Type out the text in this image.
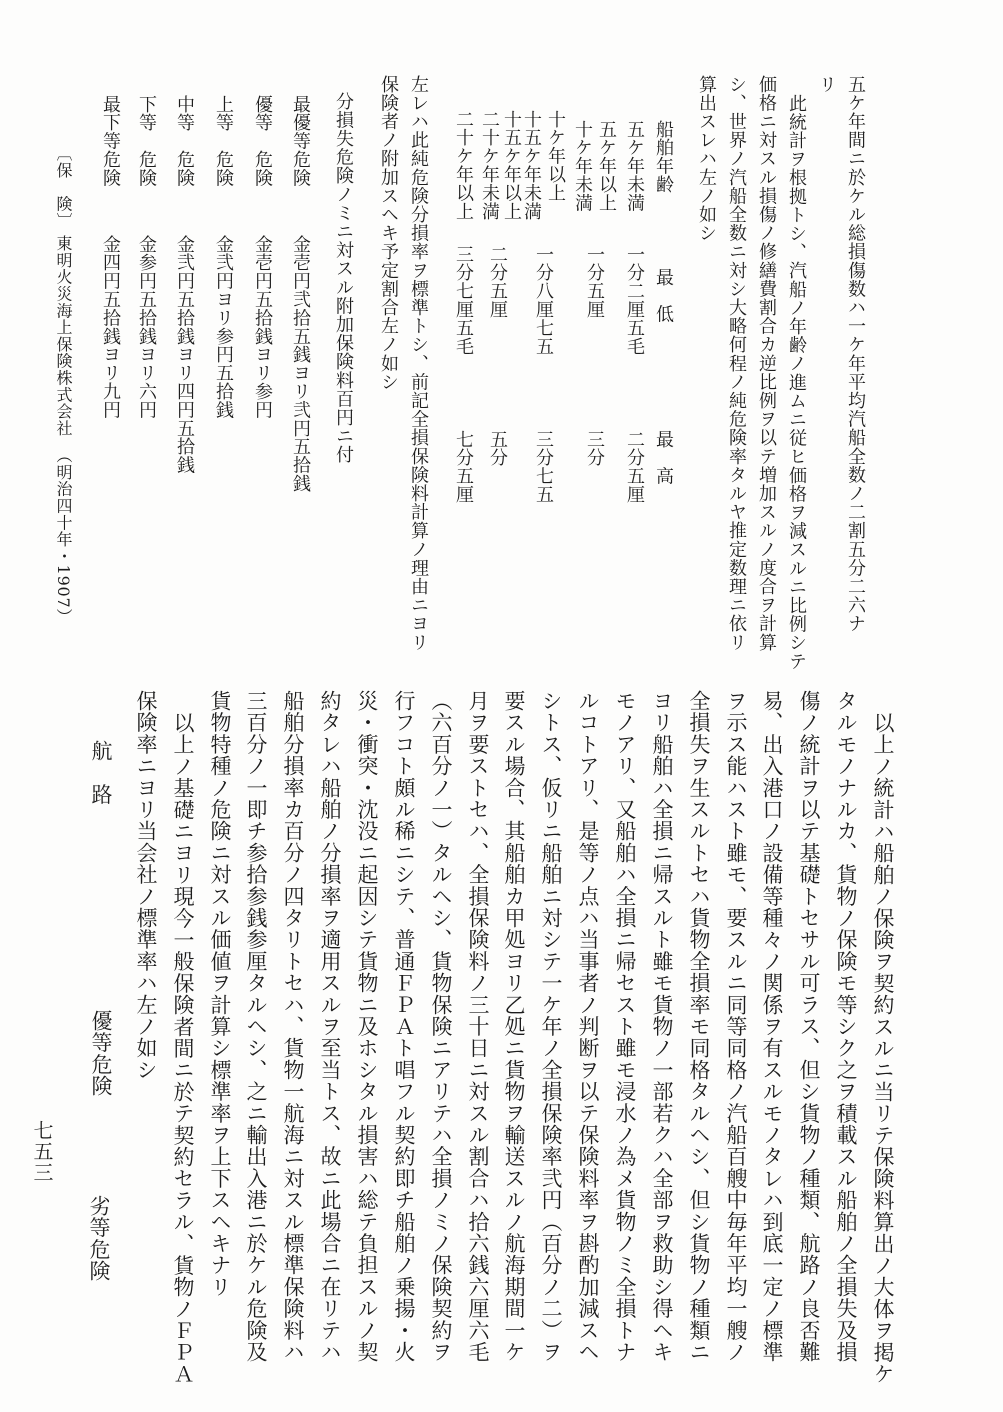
五ケ年間ニ於ケル総損傷数ハ一ケ年平均汽船全数ノ二割五分二六ナ
リ
此統計ヲ根拠トシ、汽船ノ年齢ノ進ムニ従ヒ価格ヲ減スルニ比例シテ
価格ニ対スル損傷ノ修繕費割合カ逆比例ヲ以テ増加スルノ度合ヲ計算
シ、世界ノ汽船全数ニ対シ大略何程ノ純危険率タルヤ推定数理ニ依リ
算出スレハ左ノ如シ
船舶年齢
最　低
最　高
五ケ年未満
一分二厘五毛
二分五厘
五ケ年以上
十ケ年未満
一分五厘
三分
十ケ年以上
十五ケ年未満
一分八厘七五
三分七五
十五ケ年以上
二十ケ年未満
二分五厘
五分
二十ケ年以上
三分七厘五毛
七分五厘
左レハ此純危険分損率ヲ標準トシ、前記全損保険料計算ノ理由ニヨリ
保険者ノ附加スヘキ予定割合左ノ如シ
分損失危険ノミニ対スル附加保険料百円ニ付
最優等危険
金壱円弐拾五銭ヨリ弐円五拾銭
優等　危険
金壱円五拾銭ヨリ参円
上等　危険
金弐円ヨリ参円五拾銭
中等　危険
金弐円五拾銭ヨリ四円五拾銭
下等　危険
金参円五拾銭ヨリ六円
最下等危険
金四円五拾銭ヨリ九円
〔保　険〕
東明火災海上保険株式会社
（明治四十年・1907）
以上ノ統計ハ船舶ノ保険ヲ契約スルニ当リテ保険料算出ノ大体ヲ掲ケ
タルモノナルカ、貨物ノ保険モ等シク之ヲ積載スル船舶ノ全損失及損
傷ノ統計ヲ以テ基礎トセサル可ラス、但シ貨物ノ種類、航路ノ良否難
易、出入港口ノ設備等種々ノ関係ヲ有スルモノタレハ到底一定ノ標準
ヲ示ス能ハスト雖モ、要スルニ同等同格ノ汽船百艘中毎年平均一艘ノ
全損失ヲ生スルトセハ貨物全損率モ同格タルヘシ、但シ貨物ノ種類ニ
ヨリ船舶ハ全損ニ帰スルト雖モ貨物ノ一部若クハ全部ヲ救助シ得ヘキ
モノアリ、又船舶ハ全損ニ帰セスト雖モ浸水ノ為メ貨物ノミ全損トナ
ルコトアリ、是等ノ点ハ当事者ノ判断ヲ以テ保険料率ヲ斟酌加減スヘ
シトス、仮リニ船舶ニ対シテ一ケ年ノ全損保険率弐円（百分ノ二）ヲ
要スル場合、其船舶カ甲処ヨリ乙処ニ貨物ヲ輸送スルノ航海期間一ケ
月ヲ要ストセハ、全損保険料ノ三十日ニ対スル割合ハ拾六銭六厘六毛
（六百分ノ一）タルヘシ、貨物保険ニアリテハ全損ノミノ保険契約ヲ
行フコト頗ル稀ニシテ、普通ＦＰＡト唱フル契約即チ船舶ノ乗揚・火
災・衝突・沈没ニ起因シテ貨物ニ及ホシタル損害ハ総テ負担スルノ契
約タレハ船舶ノ分損率ヲ適用スルヲ至当トス、故ニ此場合ニ在リテハ
船舶分損率カ百分ノ四タリトセハ、貨物一航海ニ対スル標準保険料ハ
三百分ノ一即チ参拾参銭参厘タルヘシ、之ニ輸出入港ニ於ケル危険及
貨物特種ノ危険ニ対スル価値ヲ計算シ標準率ヲ上下スヘキナリ
以上ノ基礎ニヨリ現今一般保険者間ニ於テ契約セラル、貨物ノＦＰＡ
保険率ニヨリ当会社ノ標準率ハ左ノ如シ
航　路
優等危険
劣等危険
七五三
